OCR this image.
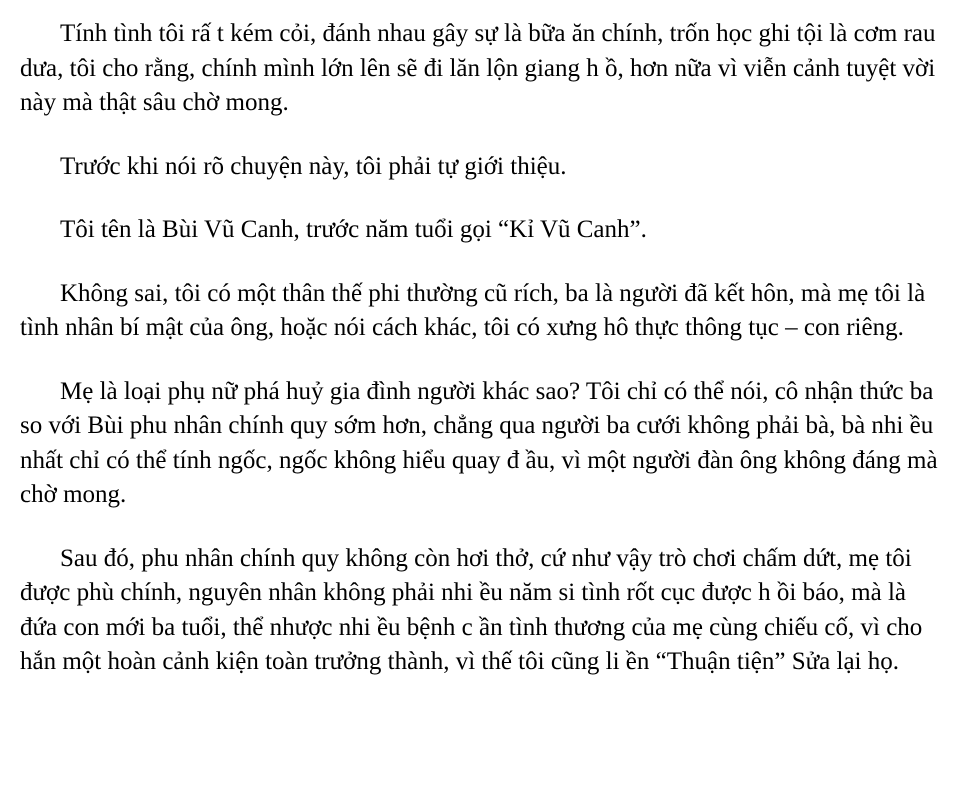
Tính tình tôi rấ t kém cỏi, đánh nhau gây sự là bữa ăn chính, trốn học ghi tội là cơm rau dưa, tôi cho rằng, chính mình lớn lên sẽ đi lăn lộn giang h ồ, hơn nữa vì viễn cảnh tuyệt vời này mà thật sâu chờ mong.

Trước khi nói rõ chuyện này, tôi phải tự giới thiệu.

Tôi tên là Bùi Vũ Canh, trước năm tuổi gọi “Kỉ Vũ Canh”.

Không sai, tôi có một thân thế phi thường cũ rích, ba là người đã kết hôn, mà mẹ tôi là tình nhân bí mật của ông, hoặc nói cách khác, tôi có xưng hô thực thông tục – con riêng.

Mẹ là loại phụ nữ phá huỷ gia đình người khác sao? Tôi chỉ có thể nói, cô nhận thức ba so với Bùi phu nhân chính quy sớm hơn, chẳng qua người ba cưới không phải bà, bà nhi ều nhất chỉ có thể tính ngốc, ngốc không hiểu quay đ ầu, vì một người đàn ông không đáng mà chờ mong.

Sau đó, phu nhân chính quy không còn hơi thở, cứ như vậy trò chơi chấm dứt, mẹ tôi được phù chính, nguyên nhân không phải nhi ều năm si tình rốt cục được h ồi báo, mà là đứa con mới ba tuổi, thể nhược nhi ều bệnh c ần tình thương của mẹ cùng chiếu cố, vì cho hắn một hoàn cảnh kiện toàn trưởng thành, vì thế tôi cũng li ền “Thuận tiện” Sửa lại họ.
